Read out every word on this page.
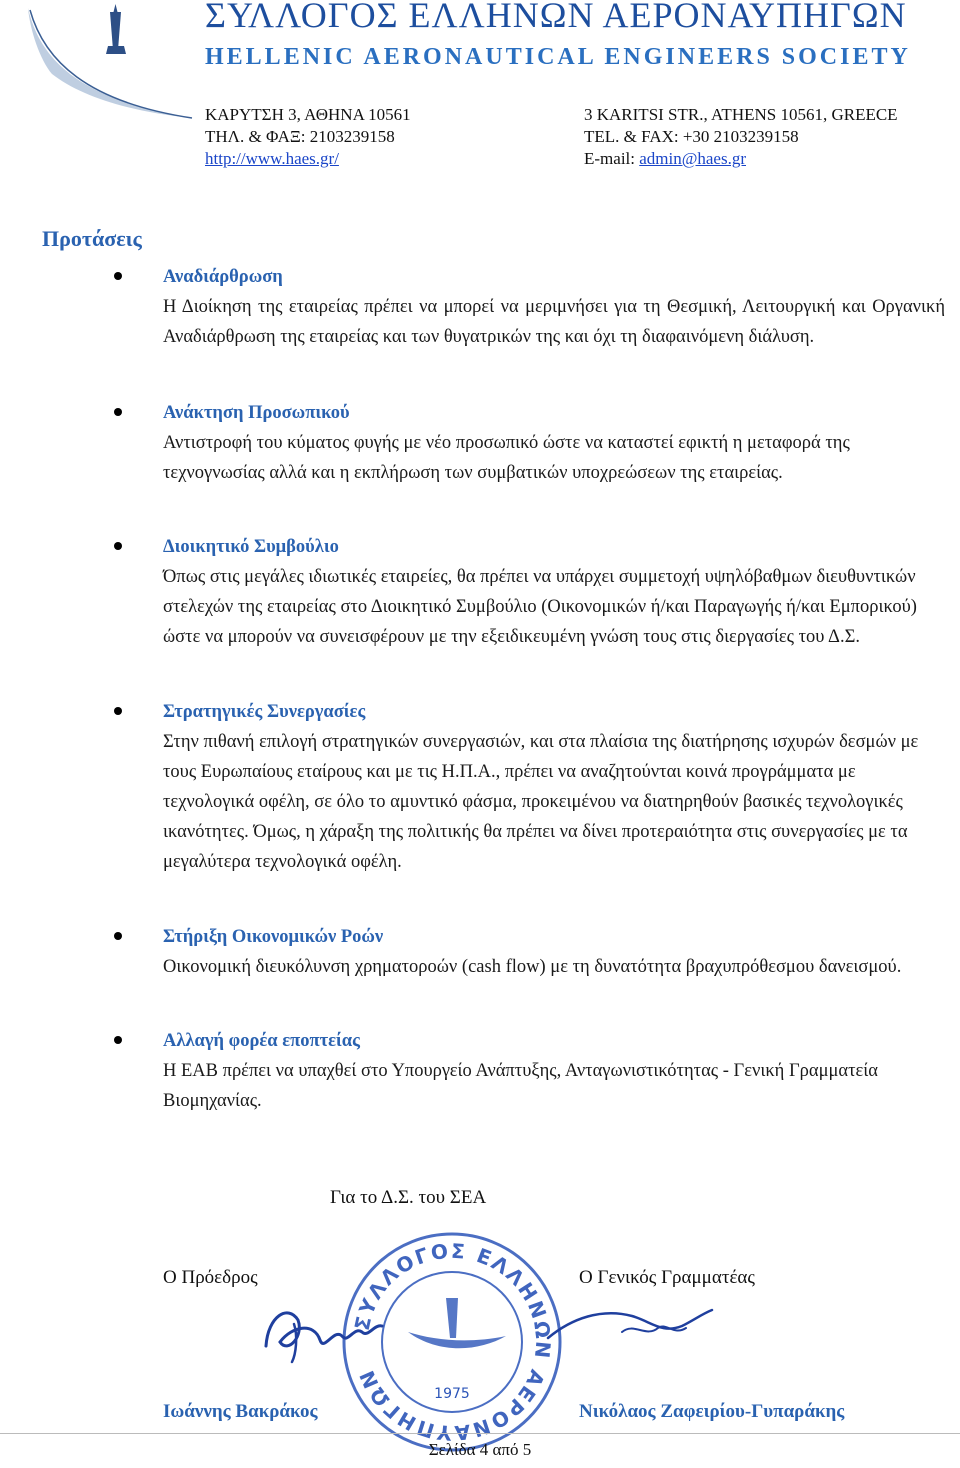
ΣΥΛΛΟΓΟΣ ΕΛΛΗΝΩΝ ΑΕΡΟΝΑΥΠΗΓΩΝ
HELLENIC AERONAUTICAL ENGINEERS SOCIETY
ΚΑΡΥΤΣΗ 3, ΑΘΗΝΑ 10561
ΤΗΛ. & ΦΑΞ: 2103239158
http://www.haes.gr/
3 KARITSI STR., ATHENS 10561, GREECE
TEL. & FAX: +30 2103239158
E-mail: admin@haes.gr
Προτάσεις
Αναδιάρθρωση
Η Διοίκηση της εταιρείας πρέπει να μπορεί να μεριμνήσει για τη Θεσμική, Λειτουργική και Οργανική Αναδιάρθρωση της εταιρείας και των θυγατρικών της και όχι τη διαφαινόμενη διάλυση.
Ανάκτηση Προσωπικού
Αντιστροφή του κύματος φυγής με νέο προσωπικό ώστε να καταστεί εφικτή η μεταφορά της τεχνογνωσίας αλλά και η εκπλήρωση των συμβατικών υποχρεώσεων της εταιρείας.
Διοικητικό Συμβούλιο
Όπως στις μεγάλες ιδιωτικές εταιρείες, θα πρέπει να υπάρχει συμμετοχή υψηλόβαθμων διευθυντικών στελεχών της εταιρείας στο Διοικητικό Συμβούλιο (Οικονομικών ή/και Παραγωγής ή/και Εμπορικού) ώστε να μπορούν να συνεισφέρουν με την εξειδικευμένη γνώση τους στις διεργασίες του Δ.Σ.
Στρατηγικές Συνεργασίες
Στην πιθανή επιλογή στρατηγικών συνεργασιών, και στα πλαίσια της διατήρησης ισχυρών δεσμών με τους Ευρωπαίους εταίρους και με τις Η.Π.Α., πρέπει να αναζητούνται κοινά προγράμματα με τεχνολογικά οφέλη, σε όλο το αμυντικό φάσμα, προκειμένου να διατηρηθούν βασικές τεχνολογικές ικανότητες. Όμως, η χάραξη της πολιτικής θα πρέπει να δίνει προτεραιότητα στις συνεργασίες με τα μεγαλύτερα τεχνολογικά οφέλη.
Στήριξη Οικονομικών Ροών
Οικονομική διευκόλυνση χρηματοροών (cash flow) με τη δυνατότητα βραχυπρόθεσμου δανεισμού.
Αλλαγή φορέα εποπτείας
Η ΕΑΒ πρέπει να υπαχθεί στο Υπουργείο Ανάπτυξης, Ανταγωνιστικότητας - Γενική Γραμματεία Βιομηχανίας.
Για το Δ.Σ. του ΣΕΑ
ΣΥΛΛΟΓΟΣ ΕΛΛΗΝΩΝ ΑΕΡΟΝΑΥΠΗΓΩΝ
1975
Ο Πρόεδρος	Ο Γενικός Γραμματέας
Ιωάννης Βακράκος	Νικόλαος Ζαφειρίου-Γυπαράκης
Σελίδα 4 από 5
